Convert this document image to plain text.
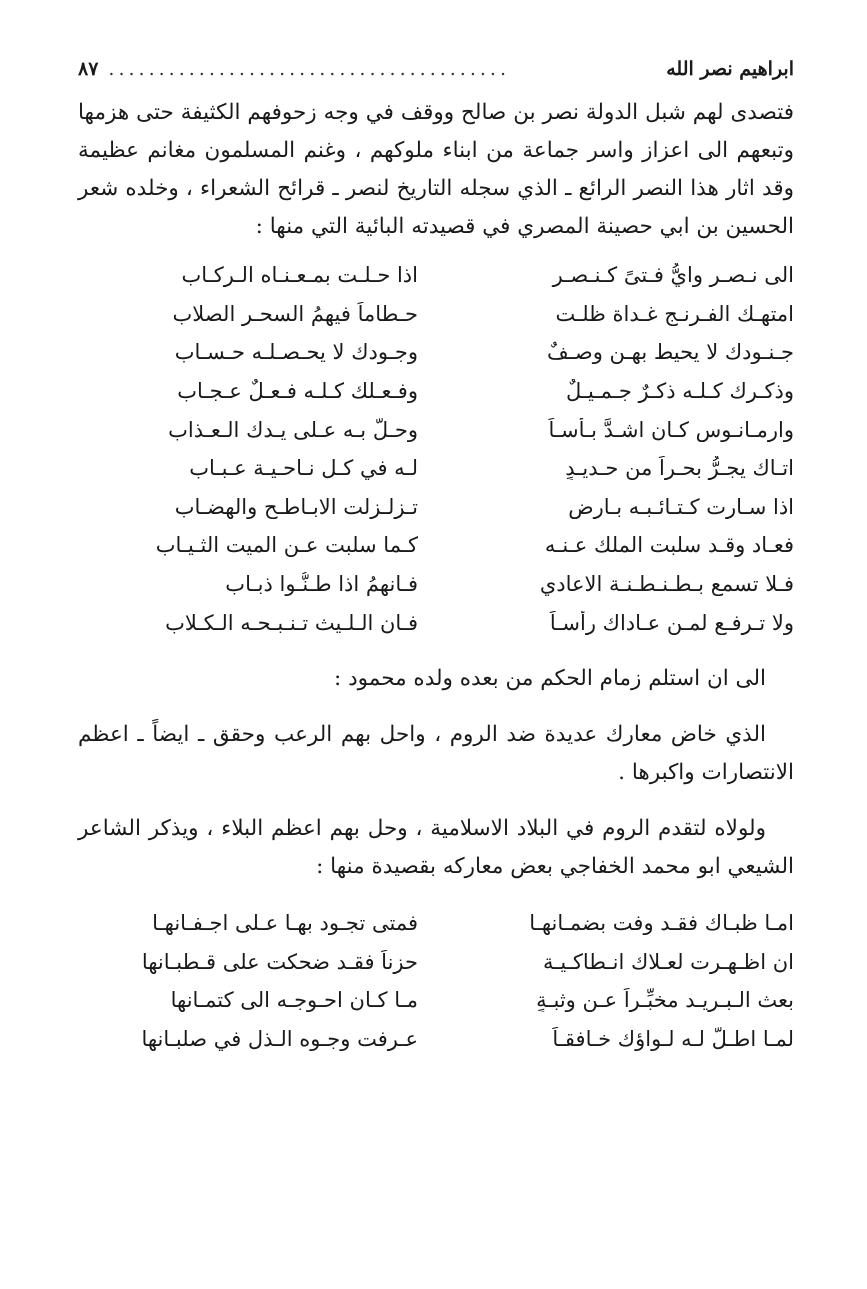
ابراهيم نصر الله
........................................
٨٧

فتصدى لهم شبل الدولة نصر بن صالح ووقف في وجه زحوفهم الكثيفة حتى هزمها وتبعهم الى اعزاز واسر جماعة من ابناء ملوكهم ، وغنم المسلمون مغانم عظيمة وقد اثار هذا النصر الرائع ـ الذي سجله التاريخ لنصر ـ قرائح الشعراء ، وخلده شعر الحسين بن ابي حصينة المصري في قصيدته البائية التي منها :

الى نـصـرٍ وايُّ فـتىً كـنـصـرٍ
اذا حـلـت بمـعـنـاه الـركـاب
امتهـك الفـرنـج غـداة ظلـت
حـطاماً فيهمُ السحـر الصلاب
جـنـودك لا يحيط بهـن وصـفٌ
وجـودك لا يحـصـلـه حـسـاب
وذكـرك كـلـه ذكـرٌ جـمـيـلٌ
وفـعـلك كـلـه فـعـلٌ عـجـاب
وارمـانـوس كـان اشـدَّ بـأسـاً
وحـلَّ بـه عـلى يـدك الـعـذاب
اتـاك يجـرُّ بحـراً من حـديـدٍ
لـه في كـل نـاحـيـة عـبـاب
اذا سـارت كـتـائـبـه بـارضٍ
تـزلـزلت الابـاطـح والهضـاب
فعـاد وقـد سلبت الملك عـنـه
كـما سلبت عـن الميت الثـيـاب
فـلا تسمع بـطـنـطـنـة الاعادي
فـانهمُ اذا طـنُّـوا ذبـاب
ولا تـرفـع لمـن عـاداك رأسـاً
فـان الـلـيث تـنـبـحـه الـكـلاب

الى ان استلم زمام الحكم من بعده ولده محمود :

الذي خاض معارك عديدة ضد الروم ، واحل بهم الرعب وحقق ـ ايضاً ـ اعظم الانتصارات واكبرها .

ولولاه لتقدم الروم في البلاد الاسلامية ، وحل بهم اعظم البلاء ، ويذكر الشاعر الشيعي ابو محمد الخفاجي بعض معاركه بقصيدة منها :

امـا ظبـاك فقـد وفت بضمـانهـا
فمتى تجـود بهـا عـلى اجـفـانهـا
ان اظـهـرت لعـلاك انـطاكـيـة
حزناً فقـد ضحكت على قـطبـانها
بعث الـبـريـد مخبِّـراً عـن وثبـةٍ
مـا كـان احـوجـه الى كتمـانها
لمـا اطـلَّ لـه لـواؤك خـافقـاً
عـرفت وجـوه الـذل في صلبـانها
